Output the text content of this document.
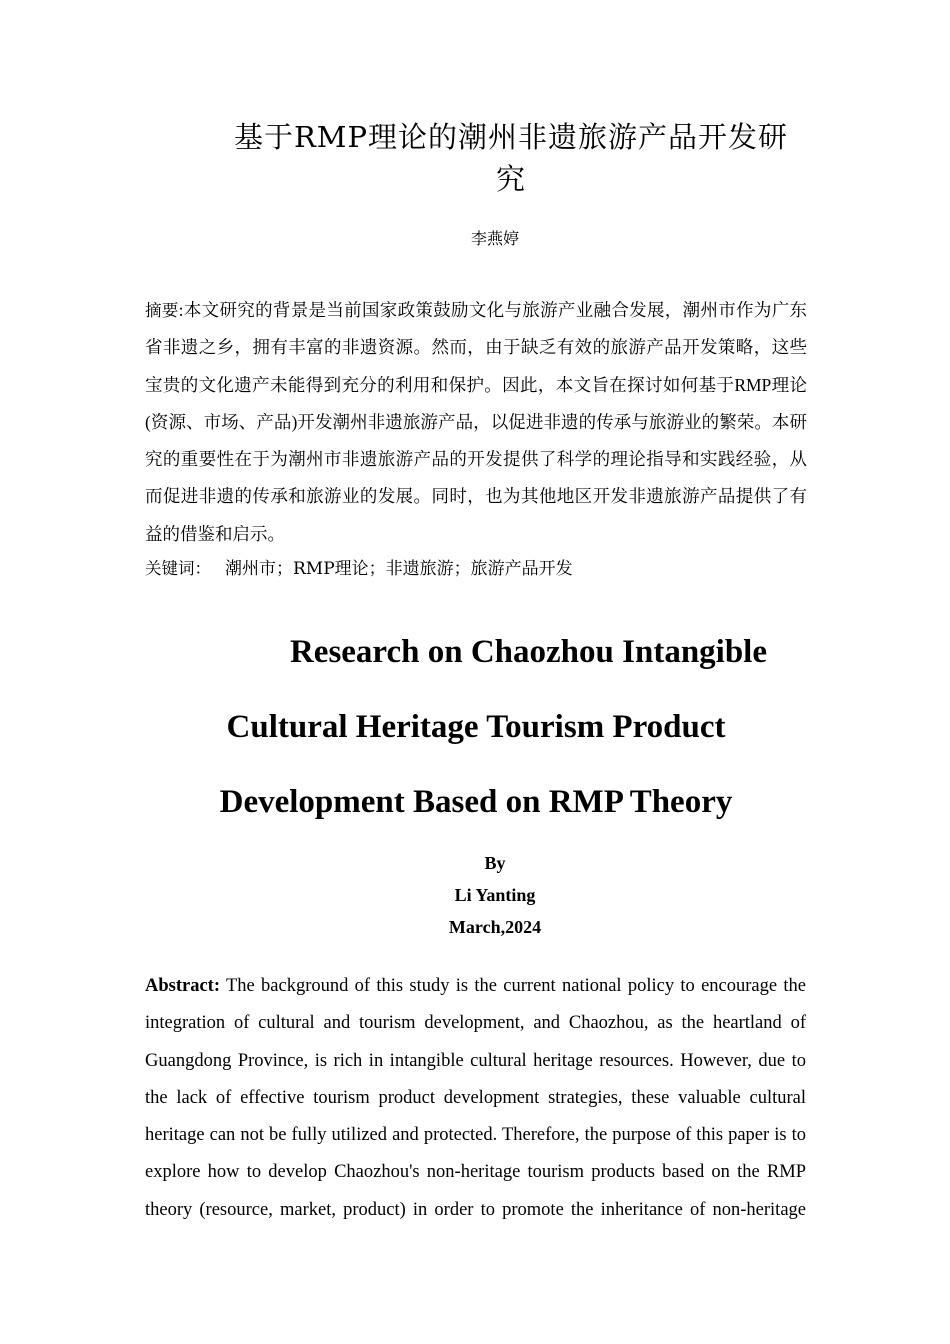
基于RMP理论的潮州非遗旅游产品开发研究
李燕婷
摘要:本文研究的背景是当前国家政策鼓励文化与旅游产业融合发展，潮州市作为广东省非遗之乡，拥有丰富的非遗资源。然而，由于缺乏有效的旅游产品开发策略，这些宝贵的文化遗产未能得到充分的利用和保护。因此，本文旨在探讨如何基于RMP理论(资源、市场、产品)开发潮州非遗旅游产品，以促进非遗的传承与旅游业的繁荣。本研究的重要性在于为潮州市非遗旅游产品的开发提供了科学的理论指导和实践经验，从而促进非遗的传承和旅游业的发展。同时，也为其他地区开发非遗旅游产品提供了有益的借鉴和启示。
关键词： 潮州市；RMP理论；非遗旅游；旅游产品开发
Research on Chaozhou Intangible
Cultural Heritage Tourism Product
Development Based on RMP Theory
By
Li Yanting
March,2024
Abstract: The background of this study is the current national policy to encourage the integration of cultural and tourism development, and Chaozhou, as the heartland of Guangdong Province, is rich in intangible cultural heritage resources. However, due to the lack of effective tourism product development strategies, these valuable cultural heritage can not be fully utilized and protected. Therefore, the purpose of this paper is to explore how to develop Chaozhou's non-heritage tourism products based on the RMP theory (resource, market, product) in order to promote the inheritance of non-heritage
